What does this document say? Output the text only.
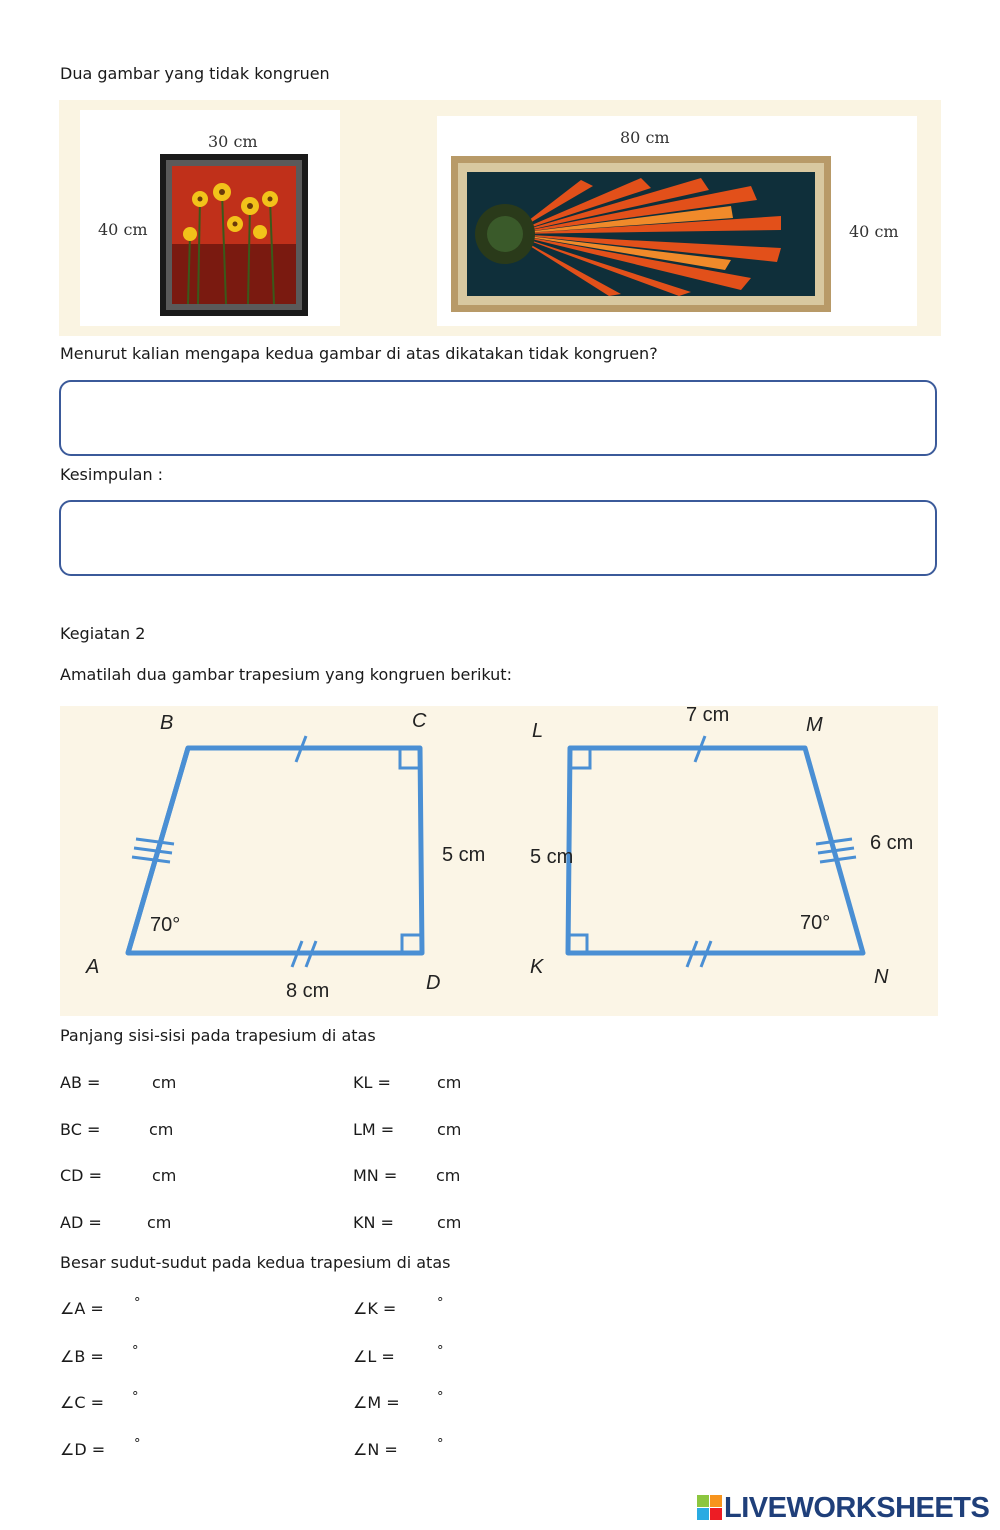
Dua gambar yang tidak kongruen
30 cm
40 cm
80 cm
40 cm
Menurut kalian mengapa kedua gambar di atas dikatakan tidak kongruen?
Kesimpulan :
Kegiatan 2
Amatilah dua gambar trapesium yang kongruen berikut:
B	C
A
D
70°
5 cm
8 cm
L	M
K	N
7 cm
5 cm
6 cm
70°
Panjang sisi-sisi pada trapesium di atas
AB =	cm	KL =	cm
BC =	cm	LM =	cm
CD =	cm	MN = cm
AD =	cm	KN =	cm
Besar sudut-sudut pada kedua trapesium di atas
∠A = °	∠K =	°
∠B = °	∠L =	°
∠C = °	∠M =	°
∠D = °	∠N =	°
LIVEWORKSHEETS
